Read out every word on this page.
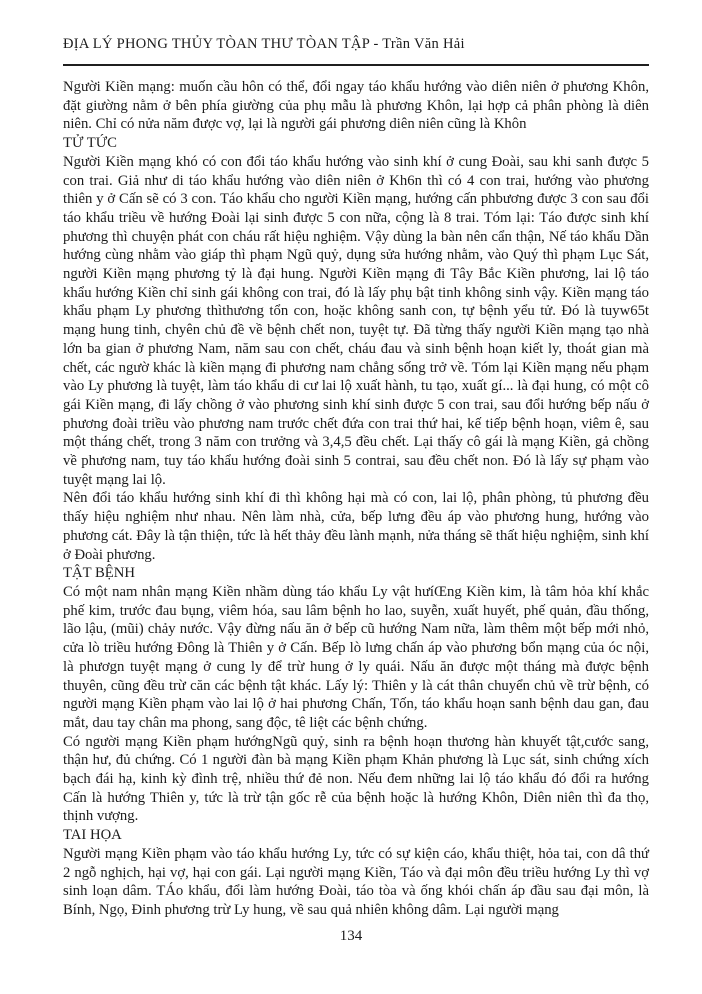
ĐỊA LÝ PHONG THỦY TÒAN THƯ TÒAN TẬP - Trần Văn Hải

Người Kiền mạng: muốn cầu hôn có thể, đổi ngay táo khẩu hướng vào diên niên ở phương Khôn, đặt giường nằm ở bên phía giường của phụ mẫu là phương Khôn, lại hợp cả phân phòng là diên niên. Chỉ có nửa năm được vợ, lại là người gái phương diên niên cũng là Khôn

TỬ TỨC

Người Kiền mạng khó có con đổi táo khẩu hướng vào sinh khí ở cung Đoài, sau khi sanh được 5 con trai. Giả như di táo khẩu hướng vào diên niên ở Kh6n thì có 4 con trai, hướng vào phương thiên y ở Cấn sẽ có 3 con. Táo khẩu cho người Kiền mạng, hướng cấn phbương được 3 con sau đổi táo khẩu triều về hướng Đoài lại sinh được 5 con nữa, cộng là 8 trai. Tóm lại: Táo được sinh khí phương thì chuyện phát con cháu rất hiệu nghiệm. Vậy dùng la bàn nên cẩn thận, Nế táo khẩu Dần hướng cùng nhằm vào giáp thì phạm Ngũ quỷ, dụng sửa hướng nhằm, vào Quý thì phạm Lục Sát, người Kiền mạng phương tỷ là đại hung. Người Kiền mạng đi Tây Bắc Kiền phương, lai lộ táo khẩu hướng Kiền chỉ sinh gái không con trai, đó là lấy phụ bật tinh không sinh vậy. Kiền mạng táo khẩu phạm Ly phương thìthương tổn con, hoặc không sanh con, tự bệnh yểu tử. Đó là tuyw65t mạng hung tinh, chyên chủ đề về bệnh chết non, tuyệt tự. Đã từng thấy người Kiền mạng tạo nhà lớn ba gian ở phương Nam, năm sau con chết, cháu đau và sinh bệnh hoạn kiết ly, thoát gian mà chết, các ngườ khác là kiền mạng đi phương nam chẳng sống trở về. Tóm lại Kiền mạng nếu phạm vào Ly phương là tuyệt, làm táo khẩu di cư lai lộ xuất hành, tu tạo, xuất gí... là đại hung, có một cô gái Kiền mạng, đi lấy chồng ở vào phương sinh khí sinh được 5 con trai, sau đổi hướng bếp nấu ở phương đoài triều vào phương nam trước chết đứa con trai thứ hai, kế tiếp bệnh hoạn, viêm ê, sau một tháng chết, trong 3 năm con trưởng và 3,4,5 đều chết. Lại thấy cô gái là mạng Kiền, gả chồng về phương nam, tuy táo khẩu hướng đoài sinh 5 contrai, sau đều chết non. Đó là lấy sự phạm vào tuyệt mạng lai lộ.

Nên đổi táo khẩu hướng sinh khí đi thì không hại mà có con, lai lộ, phân phòng, tủ phương đều thấy hiệu nghiệm như nhau. Nên làm nhà, cửa, bếp lưng đều áp vào phương hung, hướng vào phương cát. Đây là tận thiện, tức là hết thảy đều lành mạnh, nửa tháng sẽ thất hiệu nghiệm, sinh khí ở Đoài phương.

TẬT BỆNH

Có một nam nhân mạng Kiền nhầm dùng táo khẩu Ly vật hưíŒng Kiền kim, là tâm hỏa khí khắc phế kim, trước đau bụng, viêm hóa, sau lâm bệnh ho lao, suyễn, xuất huyết, phế quản, đầu thống, lão lậu, (mũi) chảy nước. Vậy đừng nấu ăn ở bếp cũ hướng Nam nữa, làm thêm một bếp mới nhỏ, cửa lò triều hướng Đông là Thiên y ở Cấn. Bếp lò lưng chấn áp vào phương bổn mạng của óc nội, là phươgn tuyệt mạng ở cung ly để trừ hung ở ly quái. Nấu ăn được một tháng mà được bệnh thuyên, cũng đều trừ căn các bệnh tật khác. Lấy lý: Thiên y là cát thân chuyển chủ về trừ bệnh, có người mạng Kiền phạm vào lai lộ ở hai phương Chấn, Tốn, táo khẩu hoạn sanh bệnh dau gan, đau mắt, dau tay chân ma phong, sang độc, tê liệt các bệnh chứng.

Có người mạng Kiền phạm hướngNgũ quỷ, sinh ra bệnh hoạn thương hàn khuyết tật,cước sang, thận hư, đủ chứng. Có 1 người đàn bà mạng Kiền phạm Khản phương là Lục sát, sinh chứng xích bạch đái hạ, kinh kỳ đình trệ, nhiều thứ đẻ non. Nếu đem những lai lộ táo khẩu đó đổi ra hướng Cấn là hướng Thiên y, tức là trừ tận gốc rễ của bệnh hoặc là hướng Khôn, Diên niên thì đa thọ, thịnh vượng.

TAI HỌA

Người mạng Kiền phạm vào táo khẩu hướng Ly, tức có sự kiện cáo, khẩu thiệt, hỏa tai, con dâ thứ 2 ngỗ nghịch, hại vợ, hại con gái. Lại người mạng Kiền, Táo và đại môn đều triều hướng Ly thì vợ sinh loạn dâm. TÁo khẩu, đổi làm hướng Đoài, táo tòa và ống khói chấn áp đầu sau đại môn, là Bính, Ngọ, Đinh phương trừ Ly hung, về sau quả nhiên không dâm. Lại người mạng

134
